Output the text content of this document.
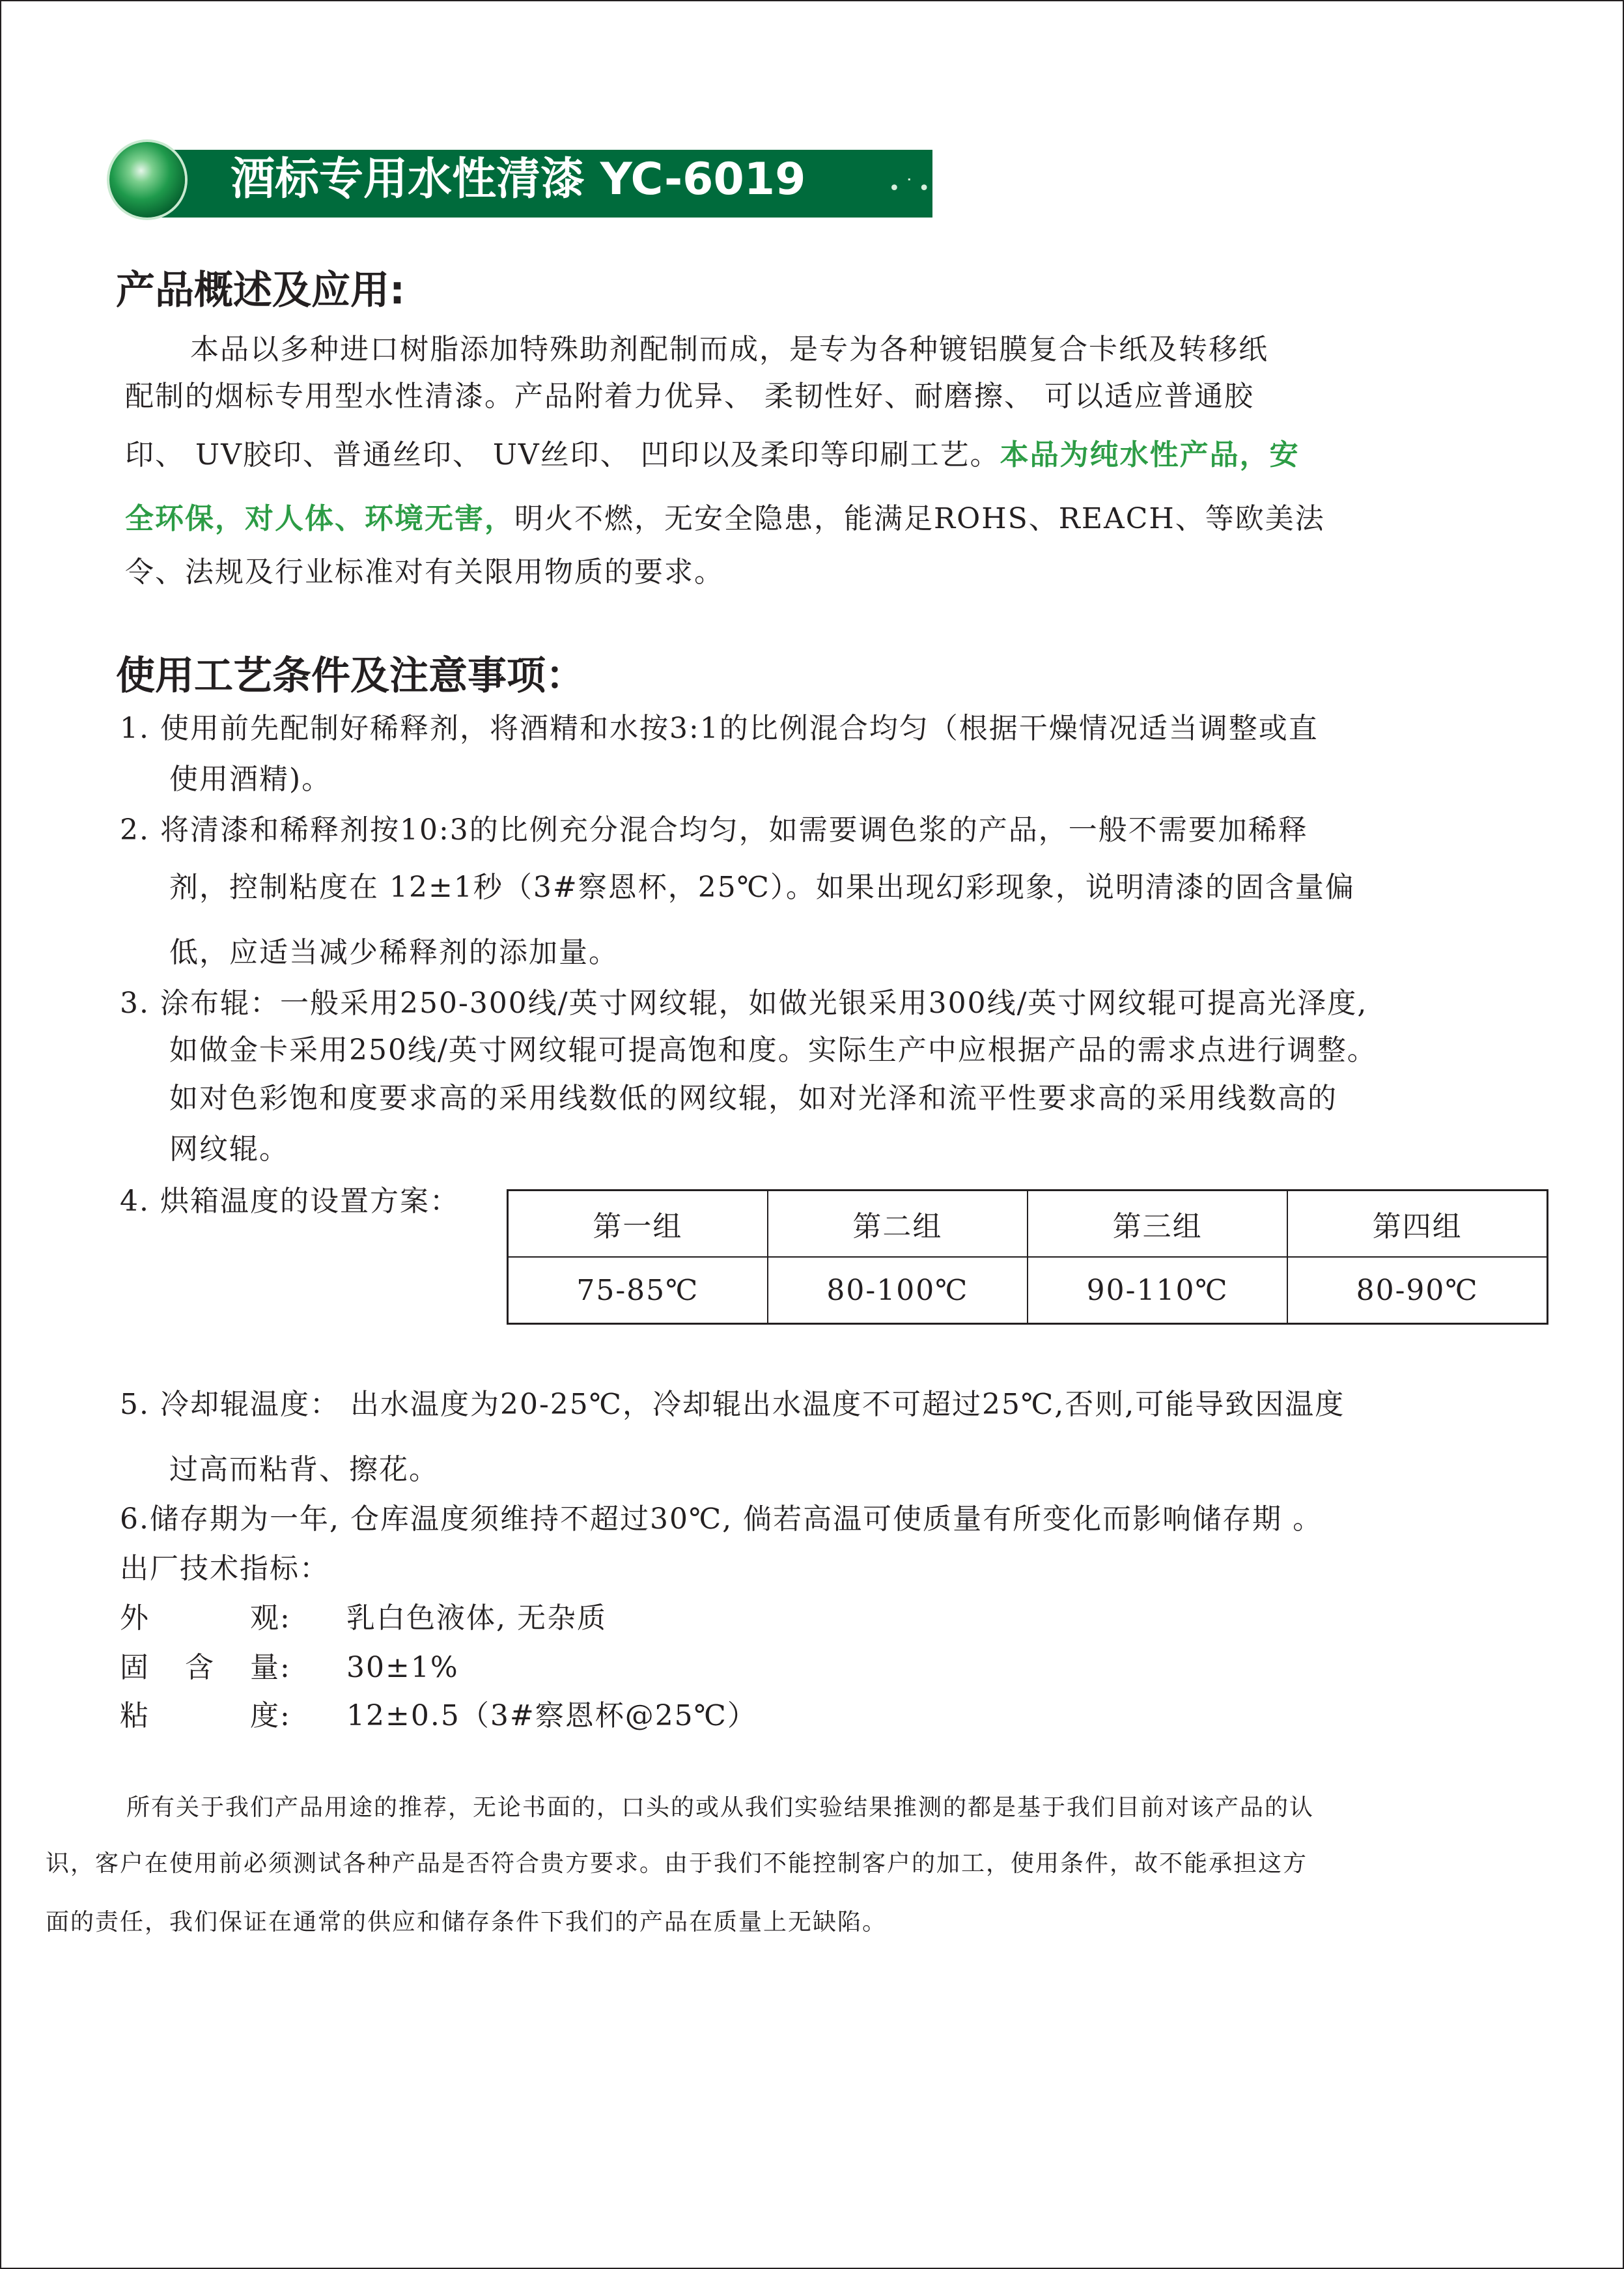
酒标专用水性清漆 YC-6019	∙˙∙
产品概述及应用:
本品以多种进口树脂添加特殊助剂配制而成，是专为各种镀铝膜复合卡纸及转移纸
配制的烟标专用型水性清漆。产品附着力优异、 柔韧性好、耐磨擦、 可以适应普通胶
印、 UV胶印、普通丝印、 UV丝印、 凹印以及柔印等印刷工艺。本品为纯水性产品，安
全环保，对人体、环境无害，明火不燃，无安全隐患，能满足ROHS、REACH、等欧美法
令、法规及行业标准对有关限用物质的要求。
使用工艺条件及注意事项：
1. 使用前先配制好稀释剂，将酒精和水按3:1的比例混合均匀（根据干燥情况适当调整或直
使用酒精)。
2. 将清漆和稀释剂按10:3的比例充分混合均匀，如需要调色浆的产品，一般不需要加稀释
剂，控制粘度在 12±1秒（3#察恩杯，25℃）。如果出现幻彩现象，说明清漆的固含量偏
低，应适当减少稀释剂的添加量。
3. 涂布辊：一般采用250-300线/英寸网纹辊，如做光银采用300线/英寸网纹辊可提高光泽度,
如做金卡采用250线/英寸网纹辊可提高饱和度。实际生产中应根据产品的需求点进行调整。
如对色彩饱和度要求高的采用线数低的网纹辊，如对光泽和流平性要求高的采用线数高的
网纹辊。
4. 烘箱温度的设置方案：
第一组	第二组	第三组	第四组
75-85℃	80-100℃	90-110℃	80-90℃
5. 冷却辊温度： 出水温度为20-25℃，冷却辊出水温度不可超过25℃,否则,可能导致因温度
过高而粘背、擦花。
6.储存期为一年, 仓库温度须维持不超过30℃, 倘若高温可使质量有所变化而影响储存期 。
出厂技术指标：
外	观: 乳白色液体, 无杂质
固 含 量: 30±1%
粘	度: 12±0.5（3#察恩杯@25℃）
所有关于我们产品用途的推荐，无论书面的，口头的或从我们实验结果推测的都是基于我们目前对该产品的认
识，客户在使用前必须测试各种产品是否符合贵方要求。由于我们不能控制客户的加工，使用条件，故不能承担这方
面的责任，我们保证在通常的供应和储存条件下我们的产品在质量上无缺陷。
